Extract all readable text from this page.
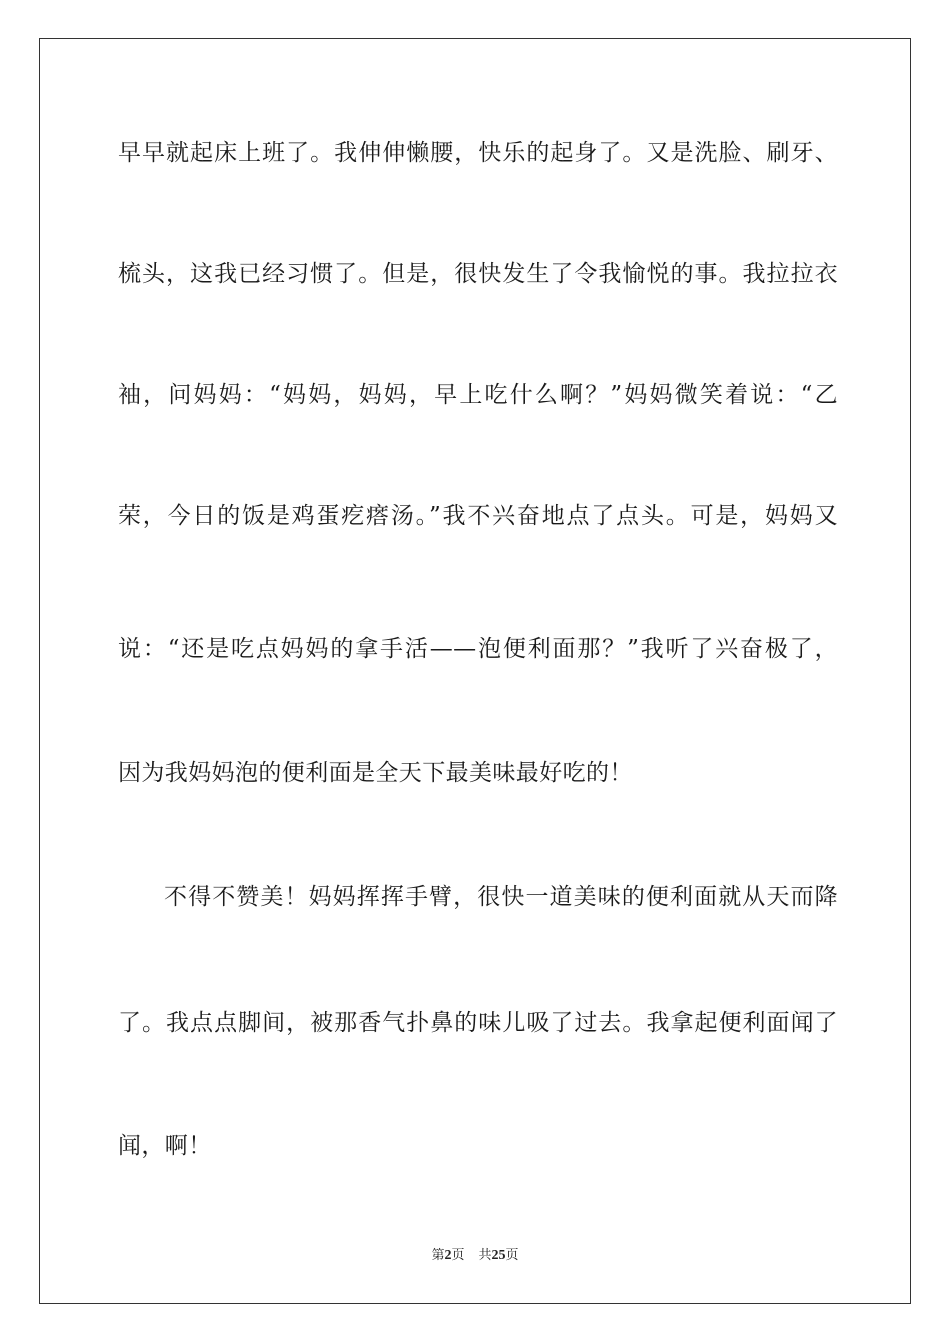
早早就起床上班了。我伸伸懒腰，快乐的起身了。又是洗脸、刷牙、
梳头，这我已经习惯了。但是，很快发生了令我愉悦的事。我拉拉衣
袖，问妈妈：“妈妈，妈妈，早上吃什么啊？”妈妈微笑着说：“乙
荣，今日的饭是鸡蛋疙瘩汤。”我不兴奋地点了点头。可是，妈妈又
说：“还是吃点妈妈的拿手活——泡便利面那？”我听了兴奋极了，
因为我妈妈泡的便利面是全天下最美味最好吃的！
不得不赞美！妈妈挥挥手臂，很快一道美味的便利面就从天而降
了。我点点脚间，被那香气扑鼻的味儿吸了过去。我拿起便利面闻了
闻，啊！
第2页 共25页
